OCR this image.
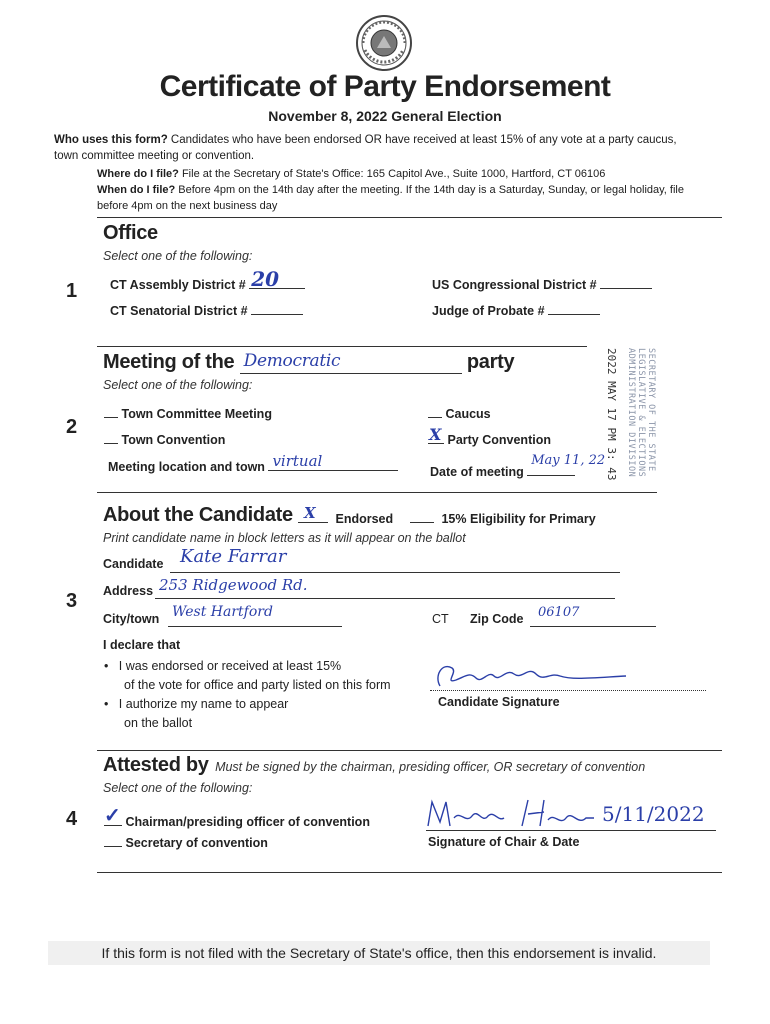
Certificate of Party Endorsement
November 8, 2022 General Election
Who uses this form? Candidates who have been endorsed OR have received at least 15% of any vote at a party caucus, town committee meeting or convention.
Where do I file? File at the Secretary of State's Office: 165 Capitol Ave., Suite 1000, Hartford, CT 06106
When do I file? Before 4pm on the 14th day after the meeting. If the 14th day is a Saturday, Sunday, or legal holiday, file before 4pm on the next business day
1
Office
Select one of the following:
CT Assembly District # 20
CT Senatorial District #
US Congressional District #
Judge of Probate #
2
Meeting of the Democratic	party
Select one of the following:
Town Committee Meeting
Town Convention
Caucus
X Party Convention
Meeting location and town virtual
Date of meeting
May 11, 22 2022 MAY 17 PM 3: 43	SECRETARY OF THE STATE LEGISLATIVE & ELECTIONS ADMINISTRATION DIVISION
3
About the Candidate X Endorsed	15% Eligibility for Primary
Print candidate name in block letters as it will appear on the ballot
Candidate Kate Farrar
Address 253 Ridgewood Rd.
City/town West Hartford	CT Zip Code 06107
I declare that
•   I was endorsed or received at least 15%
of the vote for office and party listed on this form
•   I authorize my name to appear
on the ballot
Candidate Signature
4
Attested by Must be signed by the chairman, presiding officer, OR secretary of convention
Select one of the following:
✓ Chairman/presiding officer of convention
Secretary of convention
5/11/2022
Signature of Chair & Date
If this form is not filed with the Secretary of State's office, then this endorsement is invalid.
